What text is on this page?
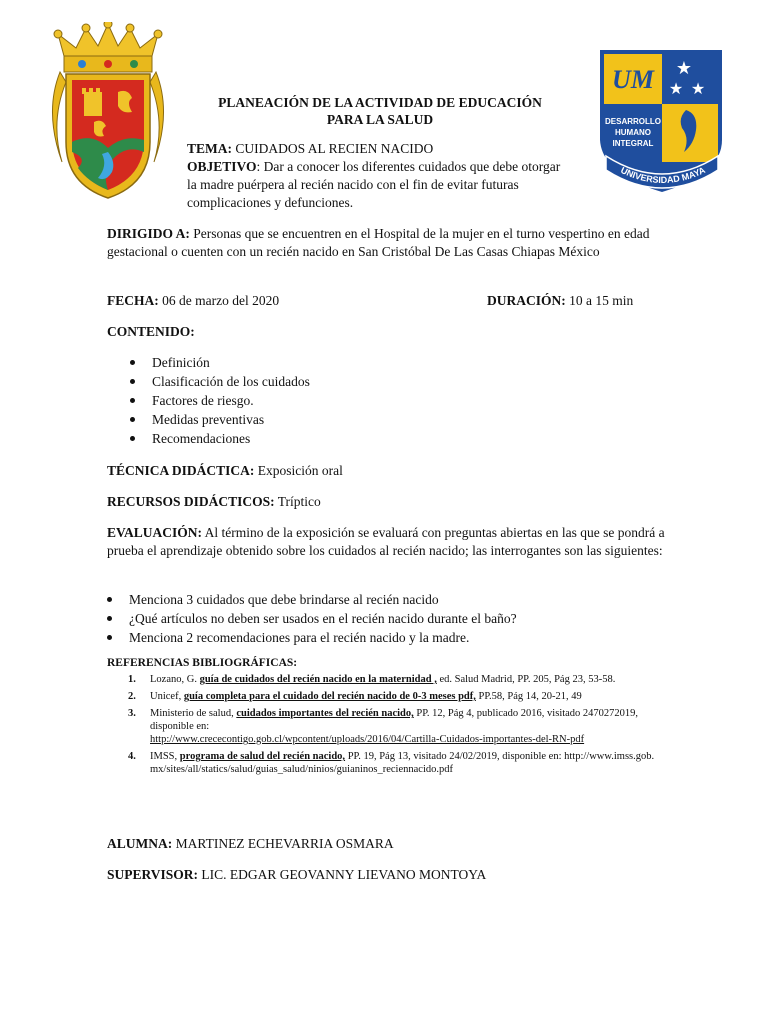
UM ★
★ ★
DESARROLLO
HUMANO
INTEGRAL
UNIVERSIDAD MAYA
PLANEACIÓN DE LA ACTIVIDAD DE EDUCACIÓN
PARA LA SALUD
TEMA: CUIDADOS AL RECIEN NACIDO
OBJETIVO: Dar a conocer los diferentes cuidados que debe otorgar la madre puérpera al recién nacido con el fin de evitar futuras complicaciones y defunciones.
DIRIGIDO A: Personas que se encuentren en el Hospital de la mujer en el turno vespertino en edad gestacional o cuenten con un recién nacido en San Cristóbal De Las Casas Chiapas México
FECHA: 06 de marzo del 2020	DURACIÓN: 10 a 15 min
CONTENIDO:
Definición
Clasificación de los cuidados
Factores de riesgo.
Medidas preventivas
Recomendaciones
TÉCNICA DIDÁCTICA: Exposición oral
RECURSOS DIDÁCTICOS: Tríptico
EVALUACIÓN: Al término de la exposición se evaluará con preguntas abiertas en las que se pondrá a prueba el aprendizaje obtenido sobre los cuidados al recién nacido; las interrogantes son las siguientes:
Menciona 3 cuidados que debe brindarse al recién nacido
¿Qué artículos no deben ser usados en el recién nacido durante el baño?
Menciona 2 recomendaciones para el recién nacido y la madre.
REFERENCIAS BIBLIOGRÁFICAS:
1. Lozano, G. guía de cuidados del recién nacido en la maternidad , ed. Salud Madrid, PP. 205, Pág 23, 53-58.
2. Unicef, guía completa para el cuidado del recién nacido de 0-3 meses pdf, PP.58, Pág 14, 20-21, 49
3. Ministerio de salud, cuidados importantes del recién nacido, PP. 12, Pág 4, publicado 2016, visitado 2470272019, disponible en:
http://www.crececontigo.gob.cl/wpcontent/uploads/2016/04/Cartilla-Cuidados-importantes-del-RN-pdf
4. IMSS, programa de salud del recién nacido, PP. 19, Pág 13, visitado 24/02/2019, disponible en: http://www.imss.gob.mx/sites/all/statics/salud/guias_salud/ninios/guianinos_reciennacido.pdf
ALUMNA: MARTINEZ ECHEVARRIA OSMARA
SUPERVISOR: LIC. EDGAR GEOVANNY LIEVANO MONTOYA
